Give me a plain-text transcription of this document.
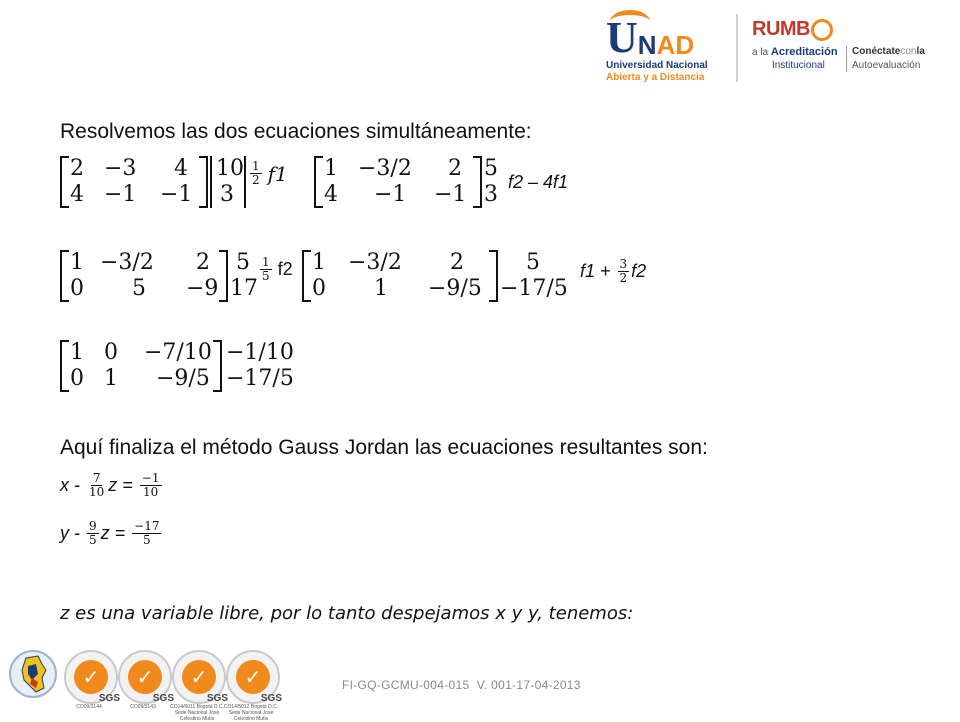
U N A D
Universidad Nacional
Abierta y a Distancia
RUMB
a la Acreditación
Institucional
Conéctateconla
Autoevaluación
Resolvemos las dos ecuaciones simultáneamente:
2 −3 4
4 −1 −1
10
3
$\frac{1}{2}$ 𝑓1 1 −3/2 2
4 −1 −1
5
3 f2 – 4f1
1 −3/2 2
0 5 −9
5
17
$\frac{1}{5} f2$ 1 −3/2 2
0 1 −9/5
5
−17/5
$f1 + \frac{3}{2} f2$
1 0 −7/10
0 1 −9/5
−1/10
−17/5
Aquí finaliza el método Gauss Jordan las ecuaciones resultantes son:
x - $\frac{7}{10}$ $z = \frac{-1}{10}$
y - $\frac{9}{5}$ $z = \frac{-17}{5}$
z es una variable libre, por lo tanto despejamos x y y, tenemos:
✓
SGS
CO09/3144
✓
SGS
CO09/3143
✓
SGS
CO14/6011 Bogotá D.C. Sede Nacional José Celestino Mutis
✓
SGS
CO14/5012 Bogotá D.C. Sede Nacional José Celestino Mutis
FI-GQ-GCMU-004-015  V. 001-17-04-2013
